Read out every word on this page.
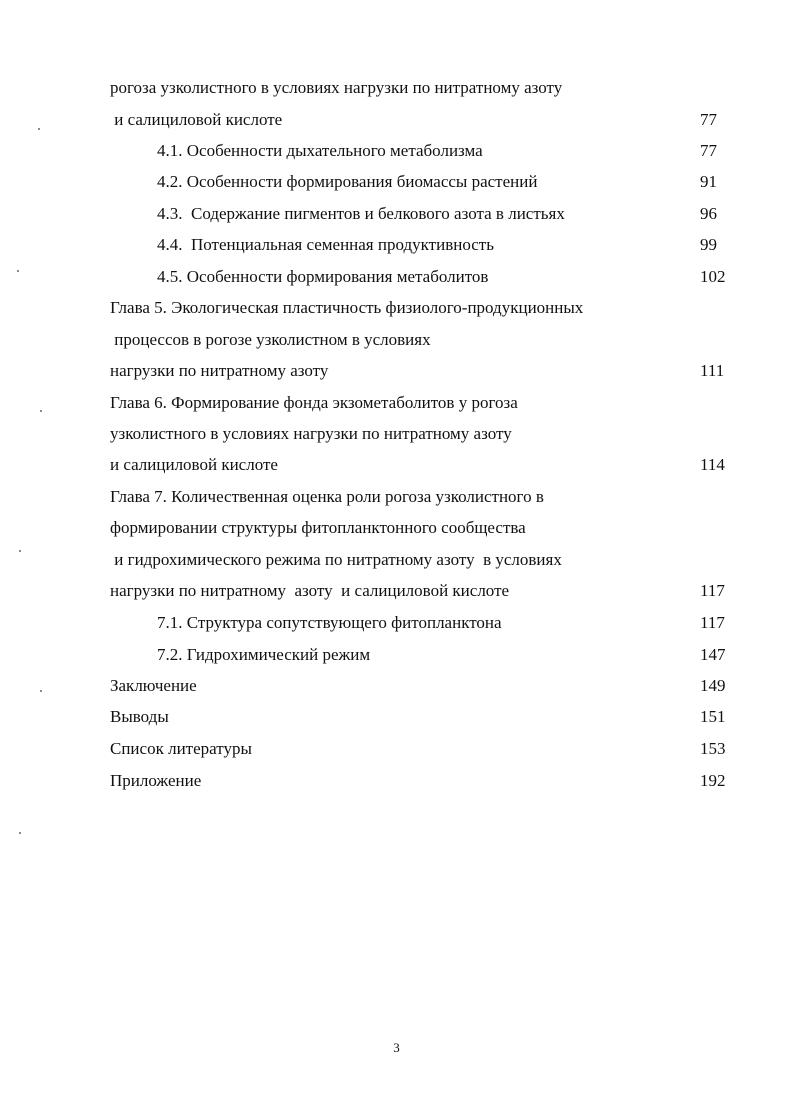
рогоза узколистного в условиях нагрузки по нитратному азоту

и салициловой кислоте	77

4.1. Особенности дыхательного метаболизма	77

4.2. Особенности формирования биомассы растений	91

4.3.  Содержание пигментов и белкового азота в листьях	96

4.4.  Потенциальная семенная продуктивность	99

4.5. Особенности формирования метаболитов	102

Глава 5. Экологическая пластичность физиолого-продукционных

процессов в рогозе узколистном в условиях

нагрузки по нитратному азоту	111

Глава 6. Формирование фонда экзометаболитов у рогоза

узколистного в условиях нагрузки по нитратному азоту

и салициловой кислоте	114

Глава 7. Количественная оценка роли рогоза узколистного в

формировании структуры фитопланктонного сообщества

и гидрохимического режима по нитратному азоту  в условиях

нагрузки по нитратному  азоту  и салициловой кислоте	117

7.1. Структура сопутствующего фитопланктона	117

7.2. Гидрохимический режим	147

Заключение	149

Выводы	151

Список литературы	153

Приложение	192
3
